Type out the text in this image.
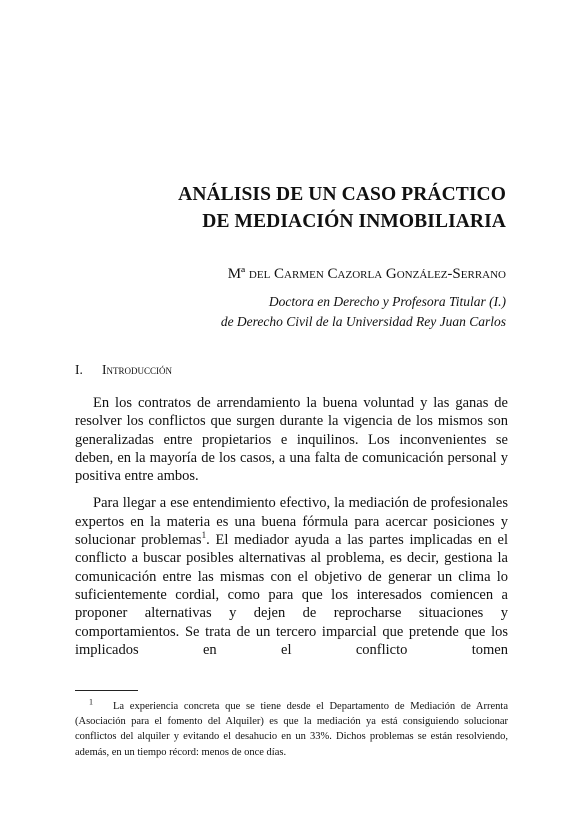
ANÁLISIS DE UN CASO PRÁCTICO
DE MEDIACIÓN INMOBILIARIA
Mª del Carmen Cazorla González-Serrano
Doctora en Derecho y Profesora Titular (I.)
de Derecho Civil de la Universidad Rey Juan Carlos
I. Introducción

En los contratos de arrendamiento la buena voluntad y las ganas de resolver los conflictos que surgen durante la vigencia de los mismos son generalizadas entre propietarios e inquilinos. Los inconvenientes se deben, en la mayoría de los casos, a una falta de comunicación personal y positiva entre ambos.

Para llegar a ese entendimiento efectivo, la mediación de profesionales expertos en la materia es una buena fórmula para acercar posiciones y solucionar problemas$^1$. El mediador ayuda a las partes implicadas en el conflicto a buscar posibles alternativas al problema, es decir, gestiona la comunicación entre las mismas con el objetivo de generar un clima lo suficientemente cordial, como para que los interesados comiencen a proponer alternativas y dejen de reprocharse situaciones y comportamientos. Se trata de un tercero imparcial que pretende que los implicados en el conflicto tomen

$^1$ La experiencia concreta que se tiene desde el Departamento de Mediación de Arrenta (Asociación para el fomento del Alquiler) es que la mediación ya está consiguiendo solucionar conflictos del alquiler y evitando el desahucio en un 33%. Dichos problemas se están resolviendo, además, en un tiempo récord: menos de once días.
